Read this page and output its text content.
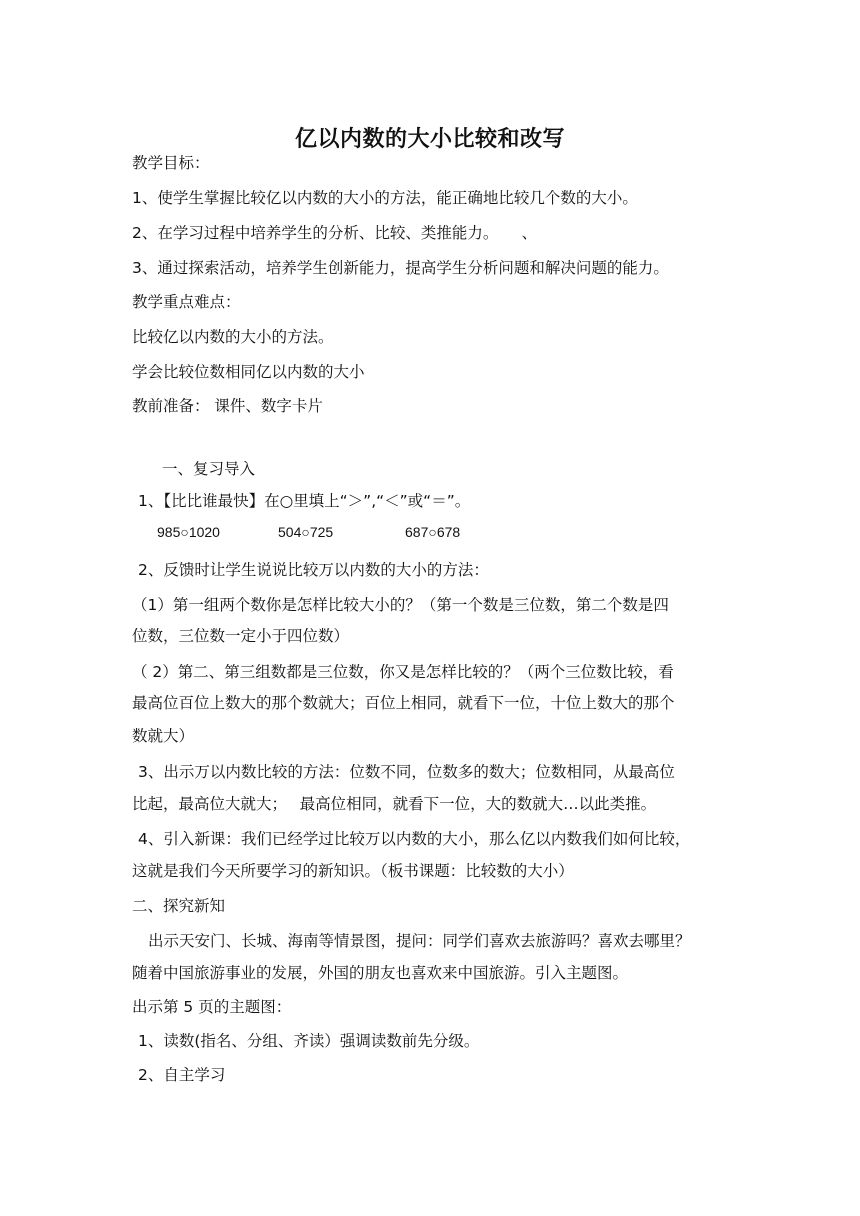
亿以内数的大小比较和改写
教学目标：
1、使学生掌握比较亿以内数的大小的方法，能正确地比较几个数的大小。
2、在学习过程中培养学生的分析、比较、类推能力。　　、
3、通过探索活动，培养学生创新能力，提高学生分析问题和解决问题的能力。
教学重点难点：
比较亿以内数的大小的方法。
学会比较位数相同亿以内数的大小
教前准备： 课件、数字卡片
一、复习导入
1、【比比谁最快】在○里填上“＞”,“＜”或“＝”。
985○1020	504○725	687○678
2、反馈时让学生说说比较万以内数的大小的方法：
（1）第一组两个数你是怎样比较大小的？（第一个数是三位数，第二个数是四
位数，三位数一定小于四位数）
（ 2）第二、第三组数都是三位数，你又是怎样比较的？（两个三位数比较，看
最高位百位上数大的那个数就大；百位上相同，就看下一位，十位上数大的那个
数就大）
3、出示万以内数比较的方法：位数不同，位数多的数大；位数相同，从最高位
比起，最高位大就大；　 最高位相同，就看下一位，大的数就大…以此类推。
4、引入新课：我们已经学过比较万以内数的大小，那么亿以内数我们如何比较，
这就是我们今天所要学习的新知识。（板书课题：比较数的大小）
二、探究新知
出示天安门、长城、海南等情景图，提问：同学们喜欢去旅游吗？喜欢去哪里？
随着中国旅游事业的发展，外国的朋友也喜欢来中国旅游。引入主题图。
出示第 5 页的主题图：
1、读数(指名、分组、齐读）强调读数前先分级。
2、自主学习
